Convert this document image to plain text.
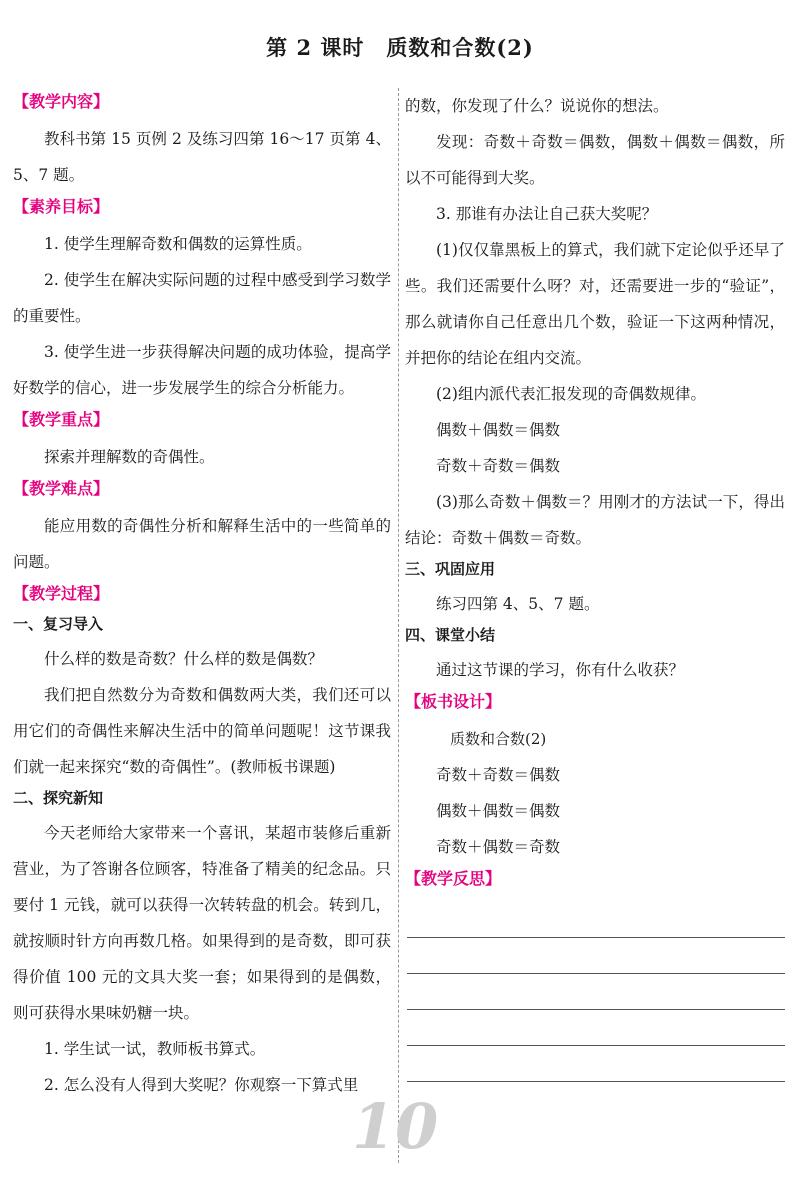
第 2 课时　质数和合数(2)
【教学内容】
教科书第 15 页例 2 及练习四第 16～17 页第 4、5、7 题。
【素养目标】
1. 使学生理解奇数和偶数的运算性质。
2. 使学生在解决实际问题的过程中感受到学习数学的重要性。
3. 使学生进一步获得解决问题的成功体验，提高学好数学的信心，进一步发展学生的综合分析能力。
【教学重点】
探索并理解数的奇偶性。
【教学难点】
能应用数的奇偶性分析和解释生活中的一些简单的问题。
【教学过程】
一、复习导入
什么样的数是奇数？什么样的数是偶数？
我们把自然数分为奇数和偶数两大类，我们还可以用它们的奇偶性来解决生活中的简单问题呢！这节课我们就一起来探究“数的奇偶性”。(教师板书课题)
二、探究新知
今天老师给大家带来一个喜讯，某超市装修后重新营业，为了答谢各位顾客，特准备了精美的纪念品。只要付 1 元钱，就可以获得一次转转盘的机会。转到几，就按顺时针方向再数几格。如果得到的是奇数，即可获得价值 100 元的文具大奖一套；如果得到的是偶数，则可获得水果味奶糖一块。
1. 学生试一试，教师板书算式。
2. 怎么没有人得到大奖呢？你观察一下算式里
的数，你发现了什么？说说你的想法。
发现：奇数＋奇数＝偶数，偶数＋偶数＝偶数，所以不可能得到大奖。
3. 那谁有办法让自己获大奖呢？
(1)仅仅靠黑板上的算式，我们就下定论似乎还早了些。我们还需要什么呀？对，还需要进一步的“验证”，那么就请你自己任意出几个数，验证一下这两种情况，并把你的结论在组内交流。
(2)组内派代表汇报发现的奇偶数规律。
偶数＋偶数＝偶数
奇数＋奇数＝偶数
(3)那么奇数＋偶数＝？用刚才的方法试一下，得出结论：奇数＋偶数＝奇数。
三、巩固应用
练习四第 4、5、7 题。
四、课堂小结
通过这节课的学习，你有什么收获？
【板书设计】
质数和合数(2)
奇数＋奇数＝偶数
偶数＋偶数＝偶数
奇数＋偶数＝奇数
【教学反思】
10
